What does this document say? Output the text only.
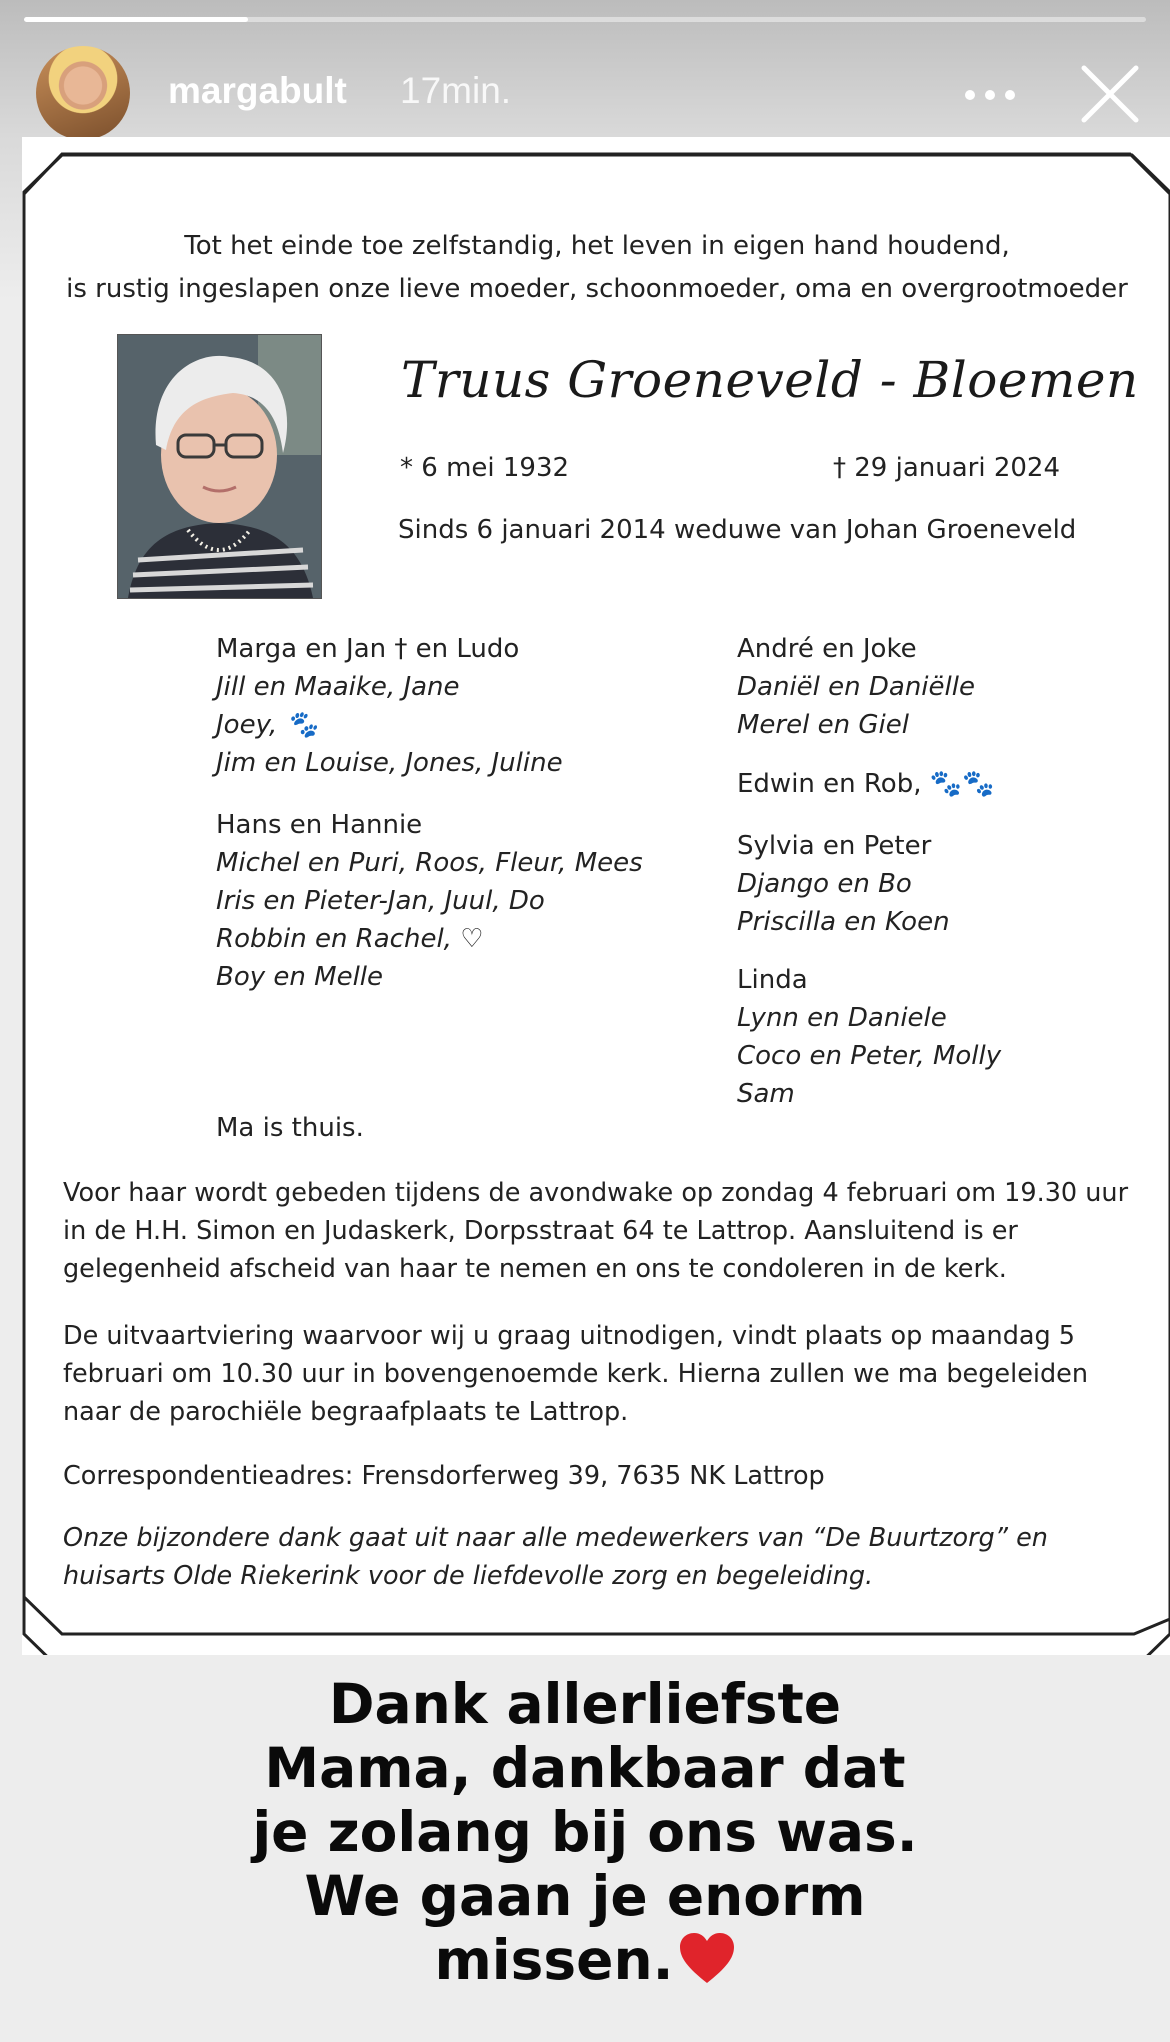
margabult 17min.
Tot het einde toe zelfstandig, het leven in eigen hand houdend,
is rustig ingeslapen onze lieve moeder, schoonmoeder, oma en overgrootmoeder
Truus Groeneveld - Bloemen
* 6 mei 1932	† 29 januari 2024
Sinds 6 januari 2014 weduwe van Johan Groeneveld
Marga en Jan † en Ludo
Jill en Maaike, Jane
Joey, 🐾
Jim en Louise, Jones, Juline
Hans en Hannie
Michel en Puri, Roos, Fleur, Mees
Iris en Pieter-Jan, Juul, Do
Robbin en Rachel, ♡
Boy en Melle
André en Joke
Daniël en Daniëlle
Merel en Giel
Edwin en Rob, 🐾🐾
Sylvia en Peter
Django en Bo
Priscilla en Koen
Linda
Lynn en Daniele
Coco en Peter, Molly
Sam
Ma is thuis.
Voor haar wordt gebeden tijdens de avondwake op zondag 4 februari om 19.30 uur in de H.H. Simon en Judaskerk, Dorpsstraat 64 te Lattrop. Aansluitend is er gelegenheid afscheid van haar te nemen en ons te condoleren in de kerk.
De uitvaartviering waarvoor wij u graag uitnodigen, vindt plaats op maandag 5 februari om 10.30 uur in bovengenoemde kerk. Hierna zullen we ma begeleiden naar de parochiële begraafplaats te Lattrop.
Correspondentieadres: Frensdorferweg 39, 7635 NK Lattrop
Onze bijzondere dank gaat uit naar alle medewerkers van “De Buurtzorg” en huisarts Olde Riekerink voor de liefdevolle zorg en begeleiding.
Dank allerliefste
Mama, dankbaar dat
je zolang bij ons was.
We gaan je enorm
missen.
